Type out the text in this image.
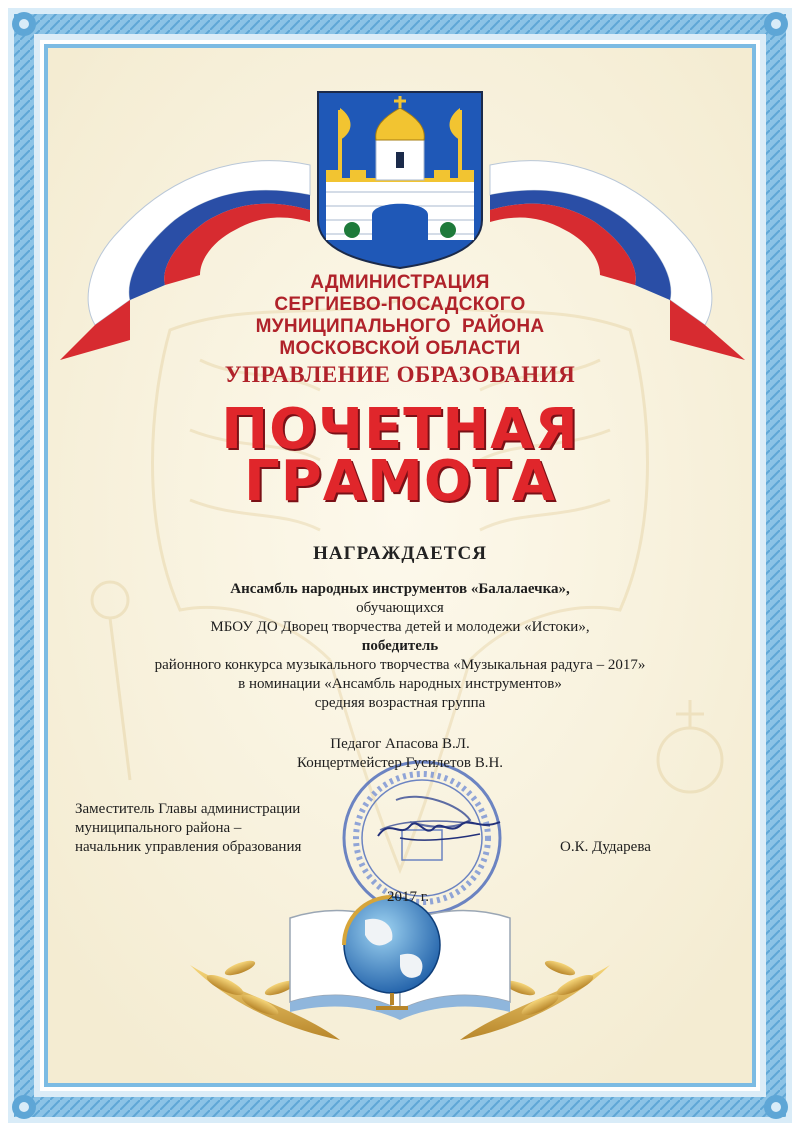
АДМИНИСТРАЦИЯ
СЕРГИЕВО-ПОСАДСКОГО
МУНИЦИПАЛЬНОГО  РАЙОНА
МОСКОВСКОЙ ОБЛАСТИ
УПРАВЛЕНИЕ ОБРАЗОВАНИЯ
ПОЧЕТНАЯ
ГРАМОТА
НАГРАЖДАЕТСЯ
Ансамбль народных инструментов «Балалаечка»,
обучающихся
МБОУ ДО Дворец творчества детей и молодежи «Истоки»,
победитель
районного конкурса музыкального творчества «Музыкальная радуга – 2017»
в номинации «Ансамбль народных инструментов»
средняя возрастная группа
Педагог Апасова В.Л.
Концертмейстер Гусилетов В.Н.
Заместитель Главы администрации
муниципального района –
начальник управления образования	О.К. Дударева
2017 г.
